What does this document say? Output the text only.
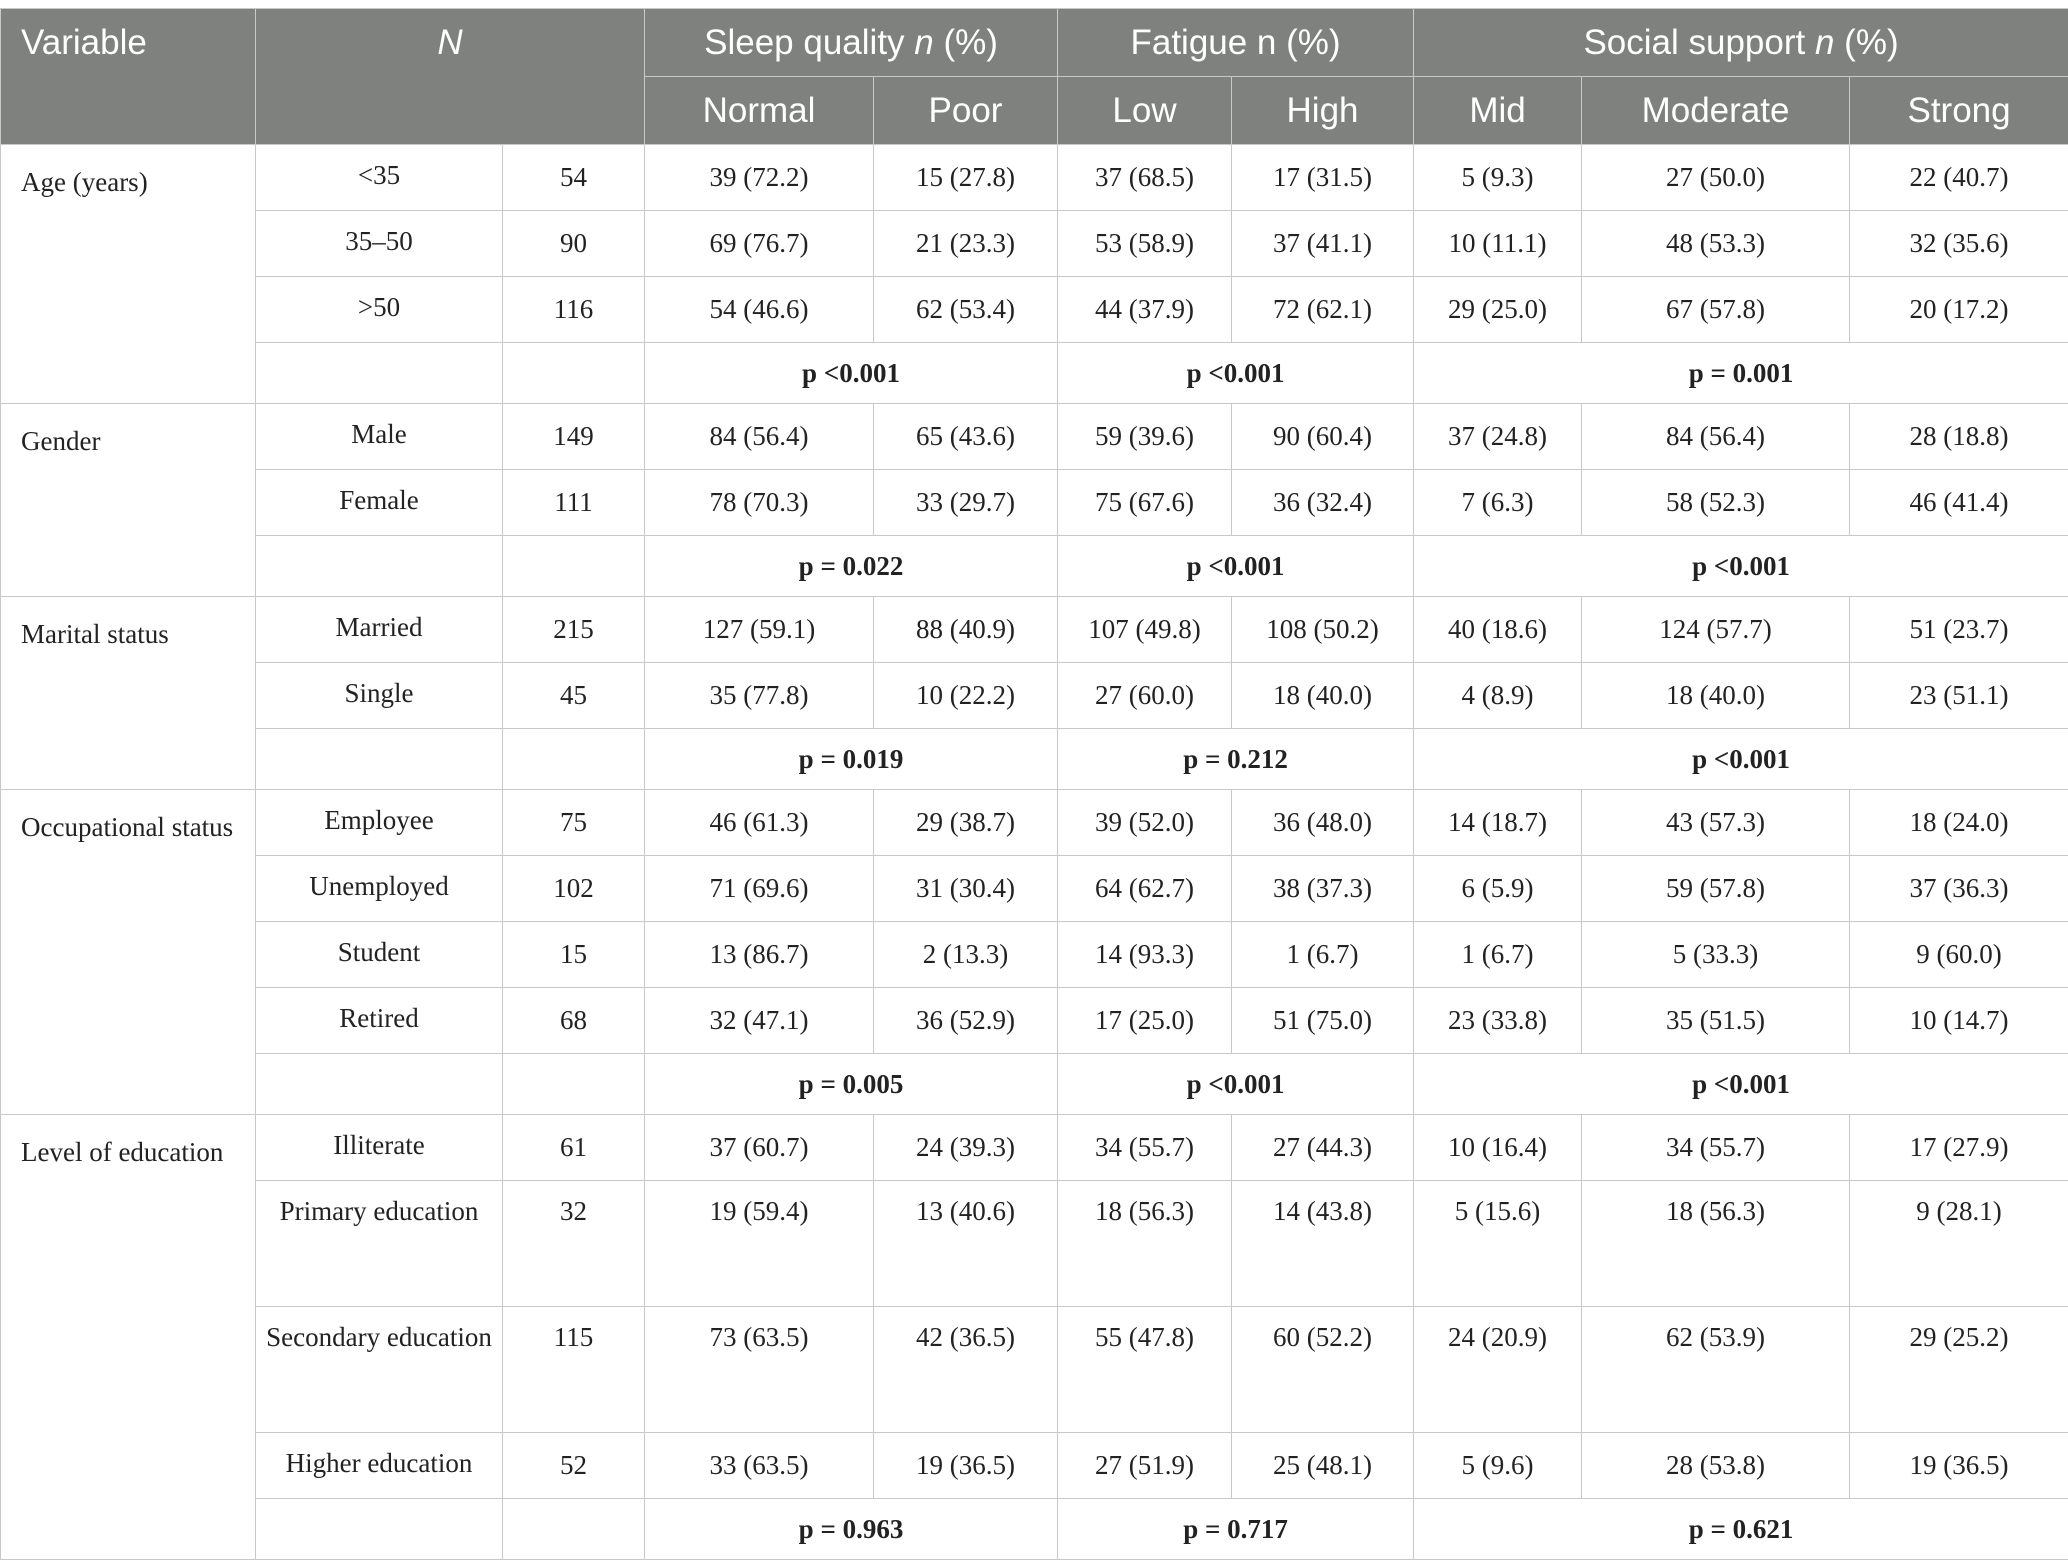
Variable	N		Sleep quality n (%)		Fatigue n (%)		Social support n (%)		
			Normal	Poor	Low	High	Mid	Moderate	Strong
Age (years)	<35	54	39 (72.2)	15 (27.8)	37 (68.5)	17 (31.5)	5 (9.3)	27 (50.0)	22 (40.7)
	35–50	90	69 (76.7)	21 (23.3)	53 (58.9)	37 (41.1)	10 (11.1)	48 (53.3)	32 (35.6)
	>50	116	54 (46.6)	62 (53.4)	44 (37.9)	72 (62.1)	29 (25.0)	67 (57.8)	20 (17.2)
			p <0.001		p <0.001		p = 0.001		
Gender	Male	149	84 (56.4)	65 (43.6)	59 (39.6)	90 (60.4)	37 (24.8)	84 (56.4)	28 (18.8)
	Female	111	78 (70.3)	33 (29.7)	75 (67.6)	36 (32.4)	7 (6.3)	58 (52.3)	46 (41.4)
			p = 0.022		p <0.001		p <0.001		
Marital status	Married	215	127 (59.1)	88 (40.9)	107 (49.8)	108 (50.2)	40 (18.6)	124 (57.7)	51 (23.7)
	Single	45	35 (77.8)	10 (22.2)	27 (60.0)	18 (40.0)	4 (8.9)	18 (40.0)	23 (51.1)
			p = 0.019		p = 0.212		p <0.001		
Occupational status	Employee	75	46 (61.3)	29 (38.7)	39 (52.0)	36 (48.0)	14 (18.7)	43 (57.3)	18 (24.0)
	Unemployed	102	71 (69.6)	31 (30.4)	64 (62.7)	38 (37.3)	6 (5.9)	59 (57.8)	37 (36.3)
	Student	15	13 (86.7)	2 (13.3)	14 (93.3)	1 (6.7)	1 (6.7)	5 (33.3)	9 (60.0)
	Retired	68	32 (47.1)	36 (52.9)	17 (25.0)	51 (75.0)	23 (33.8)	35 (51.5)	10 (14.7)
			p = 0.005		p <0.001		p <0.001		
Level of education	Illiterate	61	37 (60.7)	24 (39.3)	34 (55.7)	27 (44.3)	10 (16.4)	34 (55.7)	17 (27.9)
	Primary education	32	19 (59.4)	13 (40.6)	18 (56.3)	14 (43.8)	5 (15.6)	18 (56.3)	9 (28.1)
	Secondary education	115	73 (63.5)	42 (36.5)	55 (47.8)	60 (52.2)	24 (20.9)	62 (53.9)	29 (25.2)
	Higher education	52	33 (63.5)	19 (36.5)	27 (51.9)	25 (48.1)	5 (9.6)	28 (53.8)	19 (36.5)
			p = 0.963		p = 0.717		p = 0.621		
